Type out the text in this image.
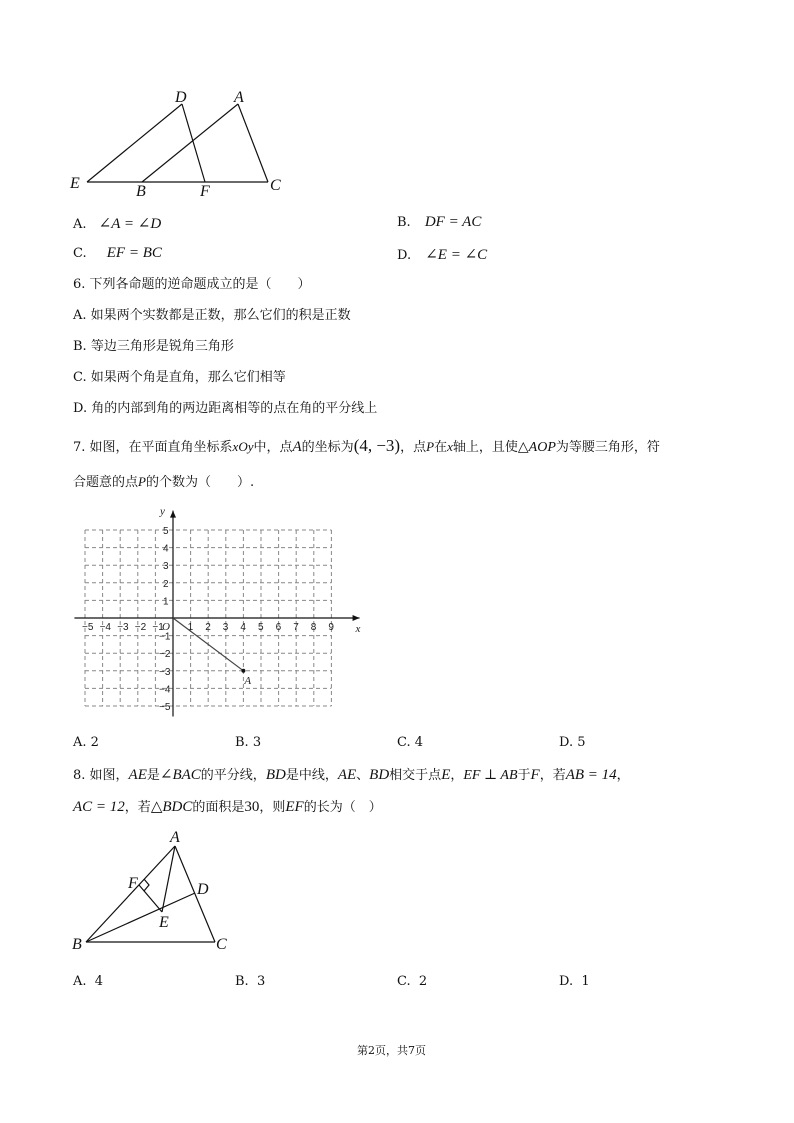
D	A
E	B	F	C
A. ∠A = ∠D	B. DF = AC
C. EF = BC	D. ∠E = ∠C
6. 下列各命题的逆命题成立的是（　　）
A. 如果两个实数都是正数，那么它们的积是正数
B. 等边三角形是锐角三角形
C. 如果两个角是直角，那么它们相等
D. 角的内部到角的两边距离相等的点在角的平分线上
7. 如图，在平面直角坐标系xOy中，点A的坐标为(4, −3)，点P在x轴上，且使△AOP为等腰三角形，符
合题意的点P的个数为（　　）.
x
y
−5 −4 −3 −2 −1
O 1 2 3 4 5 6 7 8 9
5
4
3
2
1
−1
−2
−3
−4
−5
A
A. 2	B. 3	C. 4	D. 5
8. 如图，AE是∠BAC的平分线，BD是中线，AE、BD相交于点E，EF ⊥ AB于F，若AB = 14，
AC = 12，若△BDC的面积是30，则EF的长为（　）
A
F	D
E
B	C
A.  4	B.  3	C.  2	D.  1
第2页，共7页
